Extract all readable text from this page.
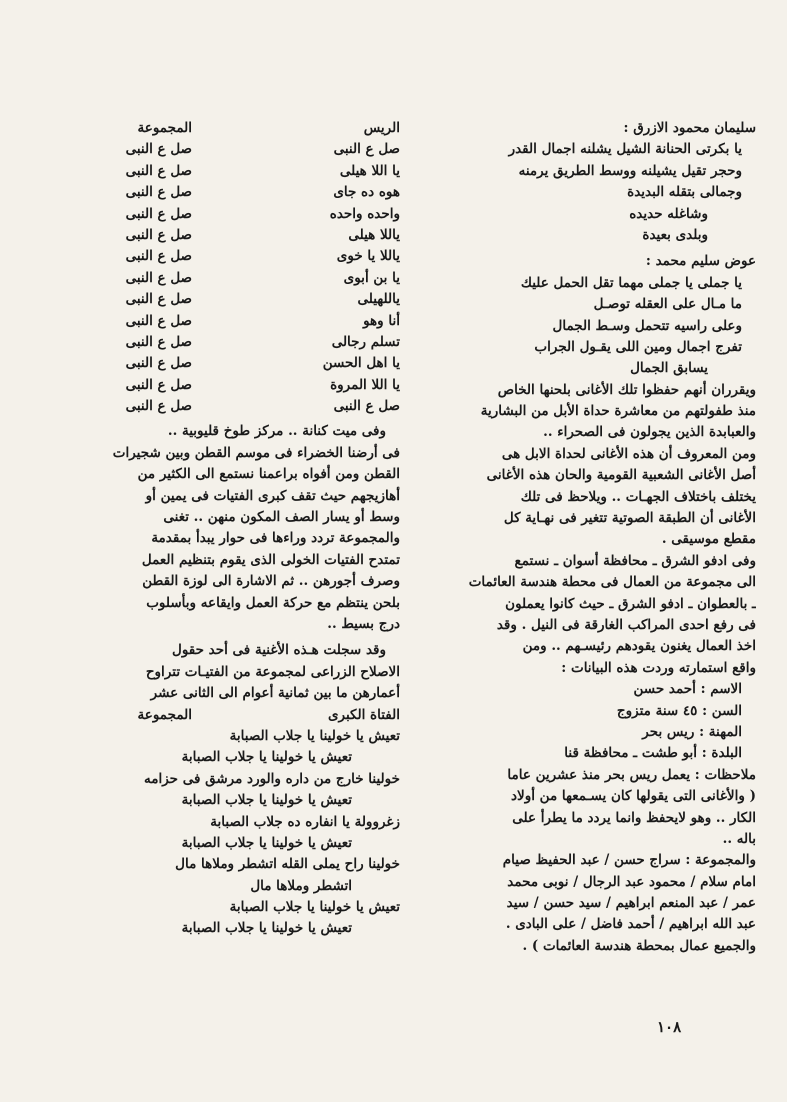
سليمان محمود الازرق :
يا بكرتى الحنانة الشيل يشلنه اجمال القدر
وحجر تقيل يشيلنه ووسط الطريق يرمنه
وجمالى بتقله البديدة
وشاغله حديده
وبلدى بعيدة
عوض سليم محمد :
يا جملى يا جملى مهما تقل الحمل عليك
ما مـال على العقله توصـل
وعلى راسيه تتحمل وسـط الجمال
تفرج اجمال ومين اللى يقـول الجراب
يسابق الجمال
ويقرران أنهم حفظوا تلك الأغانى بلحنها الخاص
منذ طفولتهم من معاشرة حداة الأبل من البشارية
والعبابدة الذين يجولون فى الصحراء ..
ومن المعروف أن هذه الأغانى لحداة الابل هى
أصل الأغانى الشعبية القومية والحان هذه الأغانى
يختلف باختلاف الجهـات .. ويلاحظ فى تلك
الأغانى أن الطبقة الصوتية تتغير فى نهـاية كل
مقطع موسيقى .
وفى ادفو الشرق ـ محافظة أسوان ـ نستمع
الى مجموعة من العمال فى محطة هندسة العائمات
ـ بالعطوان ـ ادفو الشرق ـ حيث كانوا يعملون
فى رفع احدى المراكب الغارقة فى النيل . وقد
اخذ العمال يغنون يقودهم رئيسـهم .. ومن
واقع استمارته وردت هذه البيانات :
الاسم : أحمد حسن
السن : ٤٥ سنة متزوج
المهنة : ريس بحر
البلدة : أبو طشت ـ محافظة قنا
ملاحظات : يعمل ريس بحر منذ عشرين عاما
( والأغانى التى يقولها كان يسـمعها من أولاد
الكار .. وهو لايحفظ وانما يردد ما يطرأ على
باله ..
والمجموعة : سراج حسن / عبد الحفيظ صيام
امام سلام / محمود عبد الرجال / نوبى محمد
عمر / عبد المنعم ابراهيم / سيد حسن / سيد
عبد الله ابراهيم / أحمد فاضل / على البادى .
والجميع عمال بمحطة هندسة العائمات ) .
الريس
المجموعة
صل ع النبى
صل ع النبى
يا اللا هيلى
صل ع النبى
هوه ده جاى
صل ع النبى
واحده واحده
صل ع النبى
ياللا هيلى
صل ع النبى
ياللا يا خوى
صل ع النبى
يا بن أبوى
صل ع النبى
ياللهيلى
صل ع النبى
أنا وهو
صل ع النبى
تسلم رجالى
صل ع النبى
يا اهل الحسن
صل ع النبى
يا اللا المروة
صل ع النبى
صل ع النبى
صل ع النبى
وفى ميت كنانة .. مركز طوخ قليوبية ..
فى أرضنا الخضراء فى موسم القطن وبين شجيرات
القطن ومن أفواه براعمنا نستمع الى الكثير من
أهازيجهم حيث تقف كبرى الفتيات فى يمين أو
وسط أو يسار الصف المكون منهن .. تغنى
والمجموعة تردد وراءها فى حوار يبدأ بمقدمة
تمتدح الفتيات الخولى الذى يقوم بتنظيم العمل
وصرف أجورهن .. ثم الاشارة الى لوزة القطن
بلحن ينتظم مع حركة العمل وايقاعه وبأسلوب
درج بسيط ..
وقد سجلت هـذه الأغنية فى أحد حقول
الاصلاح الزراعى لمجموعة من الفتيـات تتراوح
أعمارهن ما بين ثمانية أعوام الى الثانى عشر
الفتاة الكبرى
المجموعة
تعيش يا خولينا يا جلاب الصبابة
تعيش يا خولينا يا جلاب الصبابة
خولينا خارج من داره والورد مرشق فى حزامه
تعيش يا خولينا يا جلاب الصبابة
زغروولة يا انفاره ده جلاب الصبابة
تعيش يا خولينا يا جلاب الصبابة
خولينا راح يملى القله اتشطر وملاها مال
اتشطر وملاها مال
تعيش يا خولينا يا جلاب الصبابة
تعيش يا خولينا يا جلاب الصبابة
١٠٨
